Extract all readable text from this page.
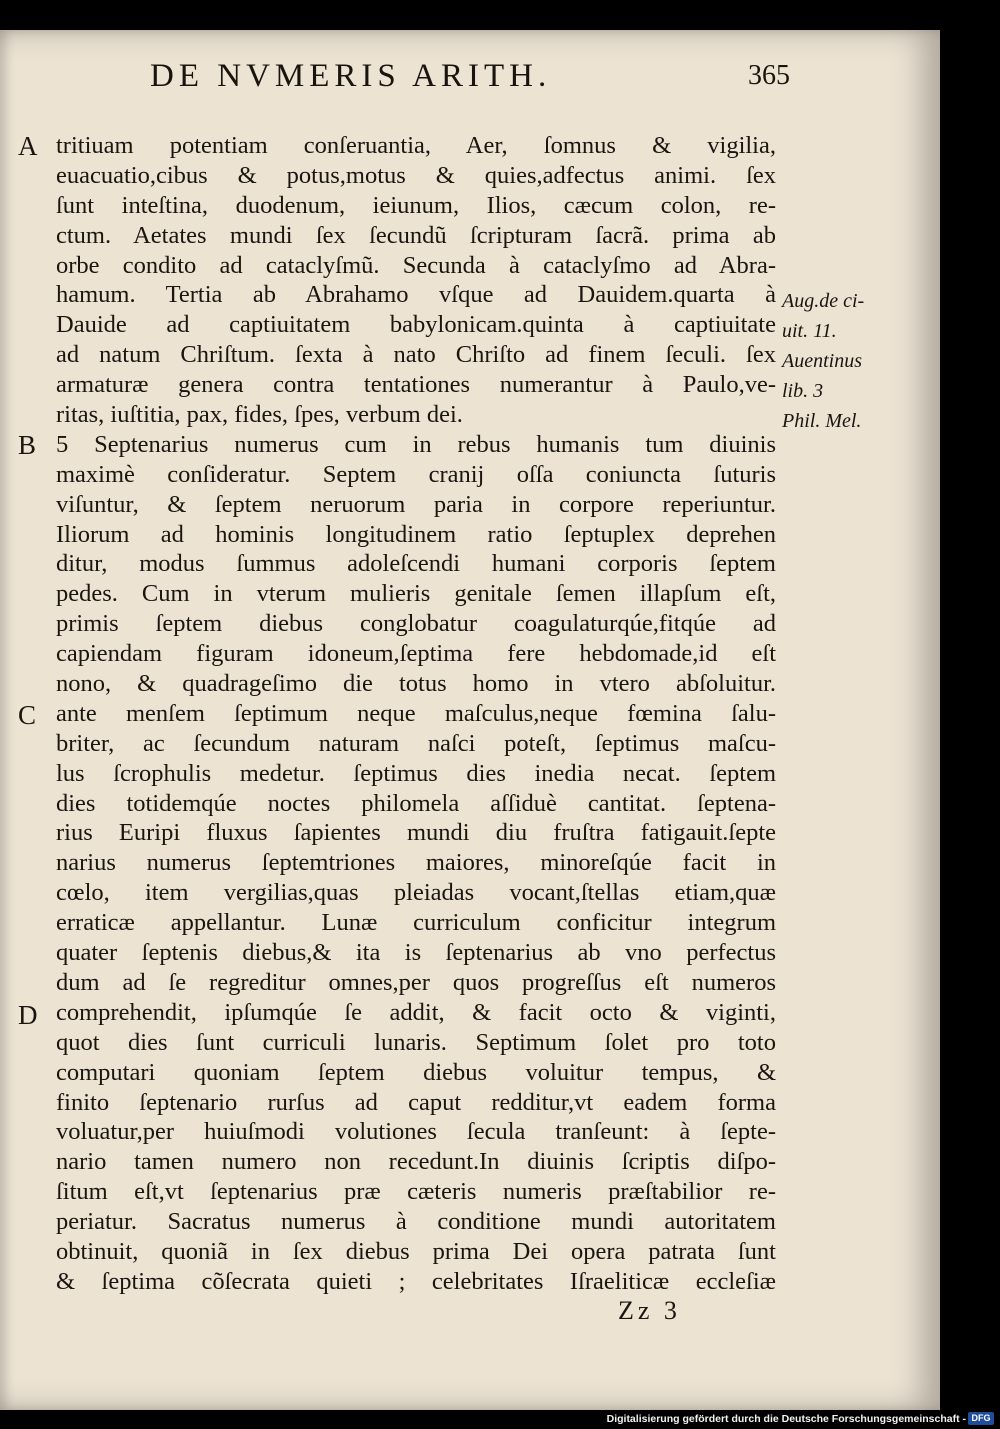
DE NVMERIS ARITH.	365
A
B
C
D
tritiuam potentiam conſeruantia, Aer, ſomnus & vigilia,
euacuatio,cibus & potus,motus & quies,adfectus animi. ſex
ſunt inteſtina, duodenum, ieiunum, Ilios, cæcum colon, re-
ctum. Aetates mundi ſex ſecundũ ſcripturam ſacrã. prima ab
orbe condito ad cataclyſmũ. Secunda à cataclyſmo ad Abra-
hamum. Tertia ab Abrahamo vſque ad Dauidem.quarta à
Dauide ad captiuitatem babylonicam.quinta à captiuitate
ad natum Chriſtum. ſexta à nato Chriſto ad finem ſeculi. ſex
armaturæ genera contra tentationes numerantur à Paulo,ve-
ritas, iuſtitia, pax, fides, ſpes, verbum dei.
5 Septenarius numerus cum in rebus humanis tum diuinis
maximè conſideratur. Septem cranij oſſa coniuncta ſuturis
viſuntur, & ſeptem neruorum paria in corpore reperiuntur.
Iliorum ad hominis longitudinem ratio ſeptuplex deprehen
ditur, modus ſummus adoleſcendi humani corporis ſeptem
pedes. Cum in vterum mulieris genitale ſemen illapſum eſt,
primis ſeptem diebus conglobatur coagulaturqúe,fitqúe ad
capiendam figuram idoneum,ſeptima fere hebdomade,id eſt
nono, & quadrageſimo die totus homo in vtero abſoluitur.
ante menſem ſeptimum neque maſculus,neque fœmina ſalu-
briter, ac ſecundum naturam naſci poteſt, ſeptimus maſcu-
lus ſcrophulis medetur. ſeptimus dies inedia necat. ſeptem
dies totidemqúe noctes philomela aſſiduè cantitat. ſeptena-
rius Euripi fluxus ſapientes mundi diu fruſtra fatigauit.ſepte
narius numerus ſeptemtriones maiores, minoreſqúe facit in
cœlo, item vergilias,quas pleiadas vocant,ſtellas etiam,quæ
erraticæ appellantur. Lunæ curriculum conficitur integrum
quater ſeptenis diebus,& ita is ſeptenarius ab vno perfectus
dum ad ſe regreditur omnes,per quos progreſſus eſt numeros
comprehendit, ipſumqúe ſe addit, & facit octo & viginti,
quot dies ſunt curriculi lunaris. Septimum ſolet pro toto
computari quoniam ſeptem diebus voluitur tempus, &
finito ſeptenario rurſus ad caput redditur,vt eadem forma
voluatur,per huiuſmodi volutiones ſecula tranſeunt: à ſepte-
nario tamen numero non recedunt.In diuinis ſcriptis diſpo-
ſitum eſt,vt ſeptenarius præ cæteris numeris præſtabilior re-
periatur. Sacratus numerus à conditione mundi autoritatem
obtinuit, quoniã in ſex diebus prima Dei opera patrata ſunt
& ſeptima cõſecrata quieti ; celebritates Iſraeliticæ eccleſiæ
Aug.de ci-
uit. 11.
Auentinus
lib. 3
Phil. Mel.
Zz 3
Digitalisierung gefördert durch die Deutsche Forschungsgemeinschaft - DFG
